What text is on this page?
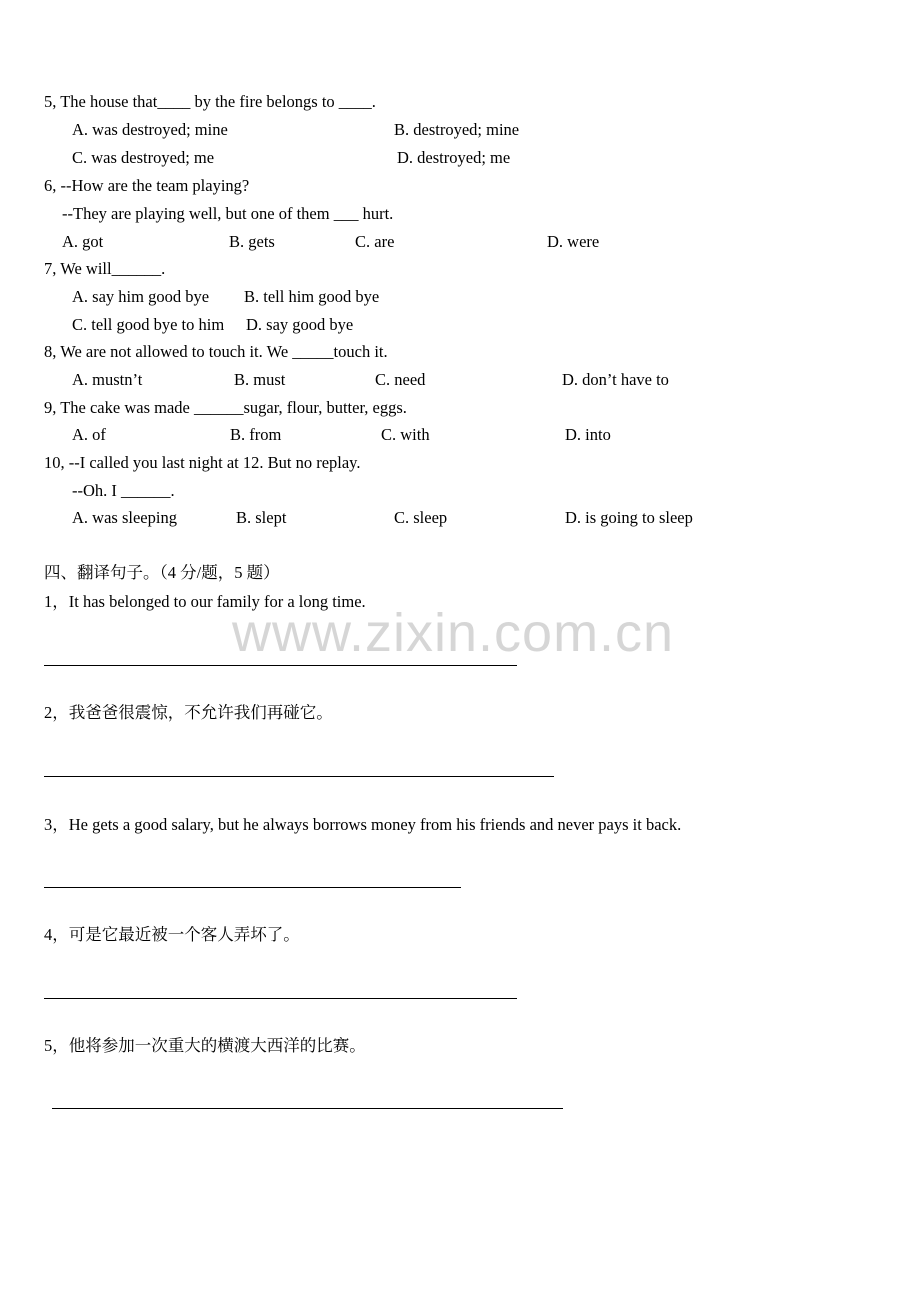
5, The house that____ by the fire belongs to ____.
A. was destroyed; mine	B. destroyed; mine
C. was destroyed; me	D. destroyed; me
6, --How are the team playing?
--They are playing well, but one of them ___ hurt.
A. got	B. gets	C. are	D. were
7, We will______.
A. say him good bye B. tell him good bye
C. tell good bye to him D. say good bye
8, We are not allowed to touch it. We _____touch it.
A. mustn’t	B. must	C. need	D. don’t have to
9, The cake was made ______sugar, flour, butter, eggs.
A. of	B. from	C. with	D. into
10, --I called you last night at 12. But no replay.
--Oh. I ______.
A. was sleeping	B. slept	C. sleep	D. is going to sleep
四、翻译句子。（4 分/题，5 题）
1，It has belonged to our family for a long time.
2，我爸爸很震惊，不允许我们再碰它。
3，He gets a good salary, but he always borrows money from his friends and never pays it back.
4，可是它最近被一个客人弄坏了。
5，他将参加一次重大的横渡大西洋的比赛。
www.zixin.com.cn
